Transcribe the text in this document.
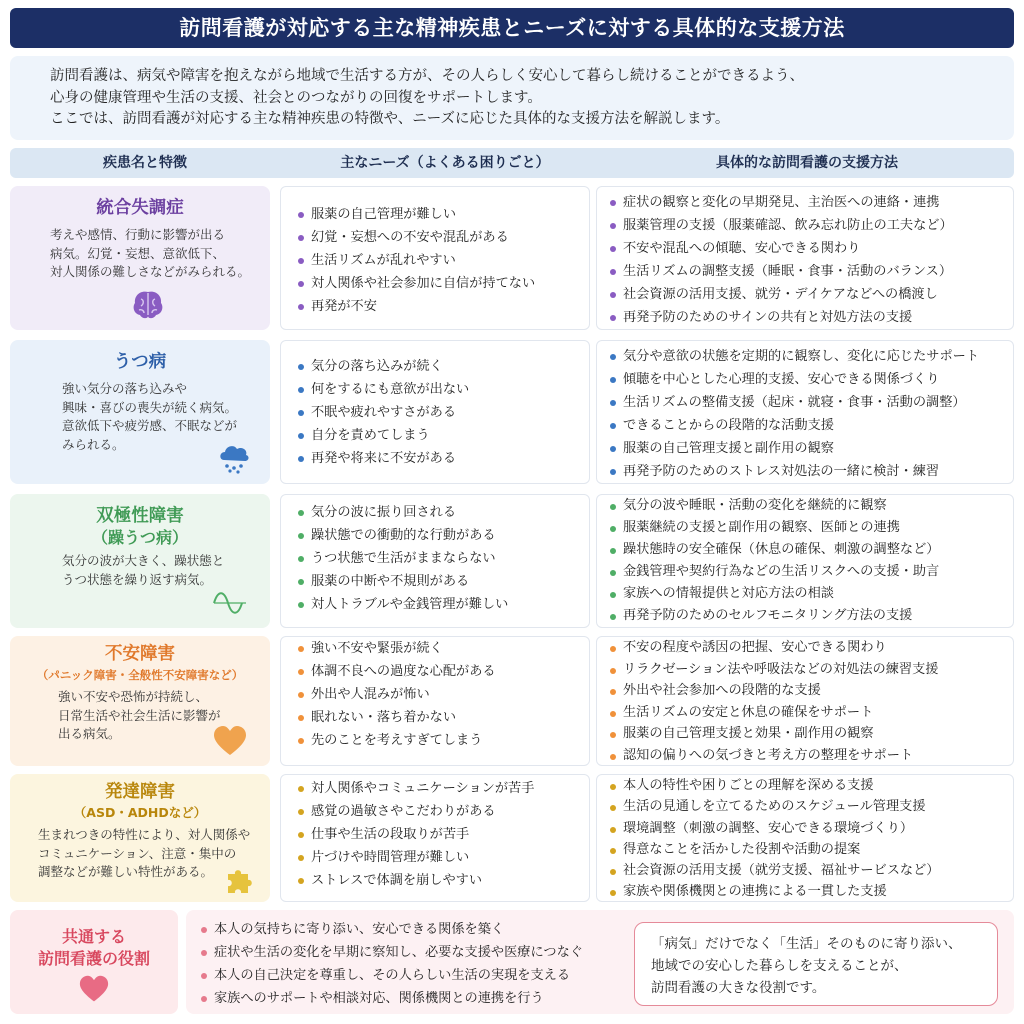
訪問看護が対応する主な精神疾患とニーズに対する具体的な支援方法
訪問看護は、病気や障害を抱えながら地域で生活する方が、その人らしく安心して暮らし続けることができるよう、
心身の健康管理や生活の支援、社会とのつながりの回復をサポートします。
ここでは、訪問看護が対応する主な精神疾患の特徴や、ニーズに応じた具体的な支援方法を解説します。
疾患名と特徴	主なニーズ（よくある困りごと）	具体的な訪問看護の支援方法
統合失調症
考えや感情、行動に影響が出る
病気。幻覚・妄想、意欲低下、
対人関係の難しさなどがみられる。
服薬の自己管理が難しい
幻覚・妄想への不安や混乱がある
生活リズムが乱れやすい
対人関係や社会参加に自信が持てない
再発が不安
症状の観察と変化の早期発見、主治医への連絡・連携
服薬管理の支援（服薬確認、飲み忘れ防止の工夫など）
不安や混乱への傾聴、安心できる関わり
生活リズムの調整支援（睡眠・食事・活動のバランス）
社会資源の活用支援、就労・デイケアなどへの橋渡し
再発予防のためのサインの共有と対処方法の支援
うつ病
強い気分の落ち込みや
興味・喜びの喪失が続く病気。
意欲低下や疲労感、不眠などが
みられる。
気分の落ち込みが続く
何をするにも意欲が出ない
不眠や疲れやすさがある
自分を責めてしまう
再発や将来に不安がある
気分や意欲の状態を定期的に観察し、変化に応じたサポート
傾聴を中心とした心理的支援、安心できる関係づくり
生活リズムの整備支援（起床・就寝・食事・活動の調整）
できることからの段階的な活動支援
服薬の自己管理支援と副作用の観察
再発予防のためのストレス対処法の一緒に検討・練習
双極性障害
（躁うつ病）
気分の波が大きく、躁状態と
うつ状態を繰り返す病気。
気分の波に振り回される
躁状態での衝動的な行動がある
うつ状態で生活がままならない
服薬の中断や不規則がある
対人トラブルや金銭管理が難しい
気分の波や睡眠・活動の変化を継続的に観察
服薬継続の支援と副作用の観察、医師との連携
躁状態時の安全確保（休息の確保、刺激の調整など）
金銭管理や契約行為などの生活リスクへの支援・助言
家族への情報提供と対応方法の相談
再発予防のためのセルフモニタリング方法の支援
不安障害
（パニック障害・全般性不安障害など）
強い不安や恐怖が持続し、
日常生活や社会生活に影響が
出る病気。
強い不安や緊張が続く
体調不良への過度な心配がある
外出や人混みが怖い
眠れない・落ち着かない
先のことを考えすぎてしまう
不安の程度や誘因の把握、安心できる関わり
リラクゼーション法や呼吸法などの対処法の練習支援
外出や社会参加への段階的な支援
生活リズムの安定と休息の確保をサポート
服薬の自己管理支援と効果・副作用の観察
認知の偏りへの気づきと考え方の整理をサポート
発達障害
（ASD・ADHDなど）
生まれつきの特性により、対人関係や
コミュニケーション、注意・集中の
調整などが難しい特性がある。
対人関係やコミュニケーションが苦手
感覚の過敏さやこだわりがある
仕事や生活の段取りが苦手
片づけや時間管理が難しい
ストレスで体調を崩しやすい
本人の特性や困りごとの理解を深める支援
生活の見通しを立てるためのスケジュール管理支援
環境調整（刺激の調整、安心できる環境づくり）
得意なことを活かした役割や活動の提案
社会資源の活用支援（就労支援、福祉サービスなど）
家族や関係機関との連携による一貫した支援
共通する
訪問看護の役割
本人の気持ちに寄り添い、安心できる関係を築く
症状や生活の変化を早期に察知し、必要な支援や医療につなぐ
本人の自己決定を尊重し、その人らしい生活の実現を支える
家族へのサポートや相談対応、関係機関との連携を行う
「病気」だけでなく「生活」そのものに寄り添い、
地域での安心した暮らしを支えることが、
訪問看護の大きな役割です。
